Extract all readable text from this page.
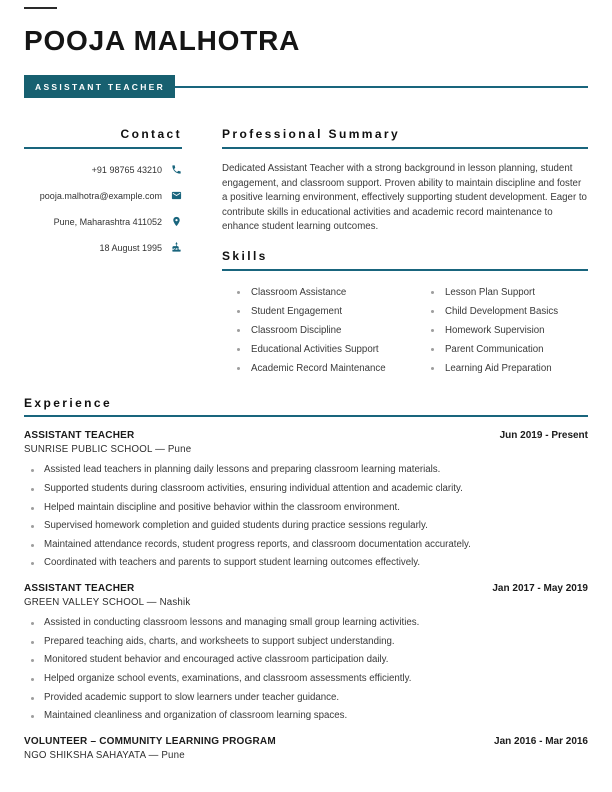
POOJA MALHOTRA
ASSISTANT TEACHER
Contact
+91 98765 43210
pooja.malhotra@example.com
Pune, Maharashtra 411052
18 August 1995
Professional Summary

Dedicated Assistant Teacher with a strong background in lesson planning, student engagement, and classroom support. Proven ability to maintain discipline and foster a positive learning environment, effectively supporting student development. Eager to contribute skills in educational activities and academic record maintenance to enhance student learning outcomes.

Skills
Classroom Assistance
Student Engagement
Classroom Discipline
Educational Activities Support
Academic Record Maintenance
Lesson Plan Support
Child Development Basics
Homework Supervision
Parent Communication
Learning Aid Preparation
Experience
ASSISTANT TEACHER	Jun 2019 - Present
SUNRISE PUBLIC SCHOOL — Pune
Assisted lead teachers in planning daily lessons and preparing classroom learning materials.
Supported students during classroom activities, ensuring individual attention and academic clarity.
Helped maintain discipline and positive behavior within the classroom environment.
Supervised homework completion and guided students during practice sessions regularly.
Maintained attendance records, student progress reports, and classroom documentation accurately.
Coordinated with teachers and parents to support student learning outcomes effectively.
ASSISTANT TEACHER	Jan 2017 - May 2019
GREEN VALLEY SCHOOL — Nashik
Assisted in conducting classroom lessons and managing small group learning activities.
Prepared teaching aids, charts, and worksheets to support subject understanding.
Monitored student behavior and encouraged active classroom participation daily.
Helped organize school events, examinations, and classroom assessments efficiently.
Provided academic support to slow learners under teacher guidance.
Maintained cleanliness and organization of classroom learning spaces.
VOLUNTEER – COMMUNITY LEARNING PROGRAM	Jan 2016 - Mar 2016
NGO SHIKSHA SAHAYATA — Pune
